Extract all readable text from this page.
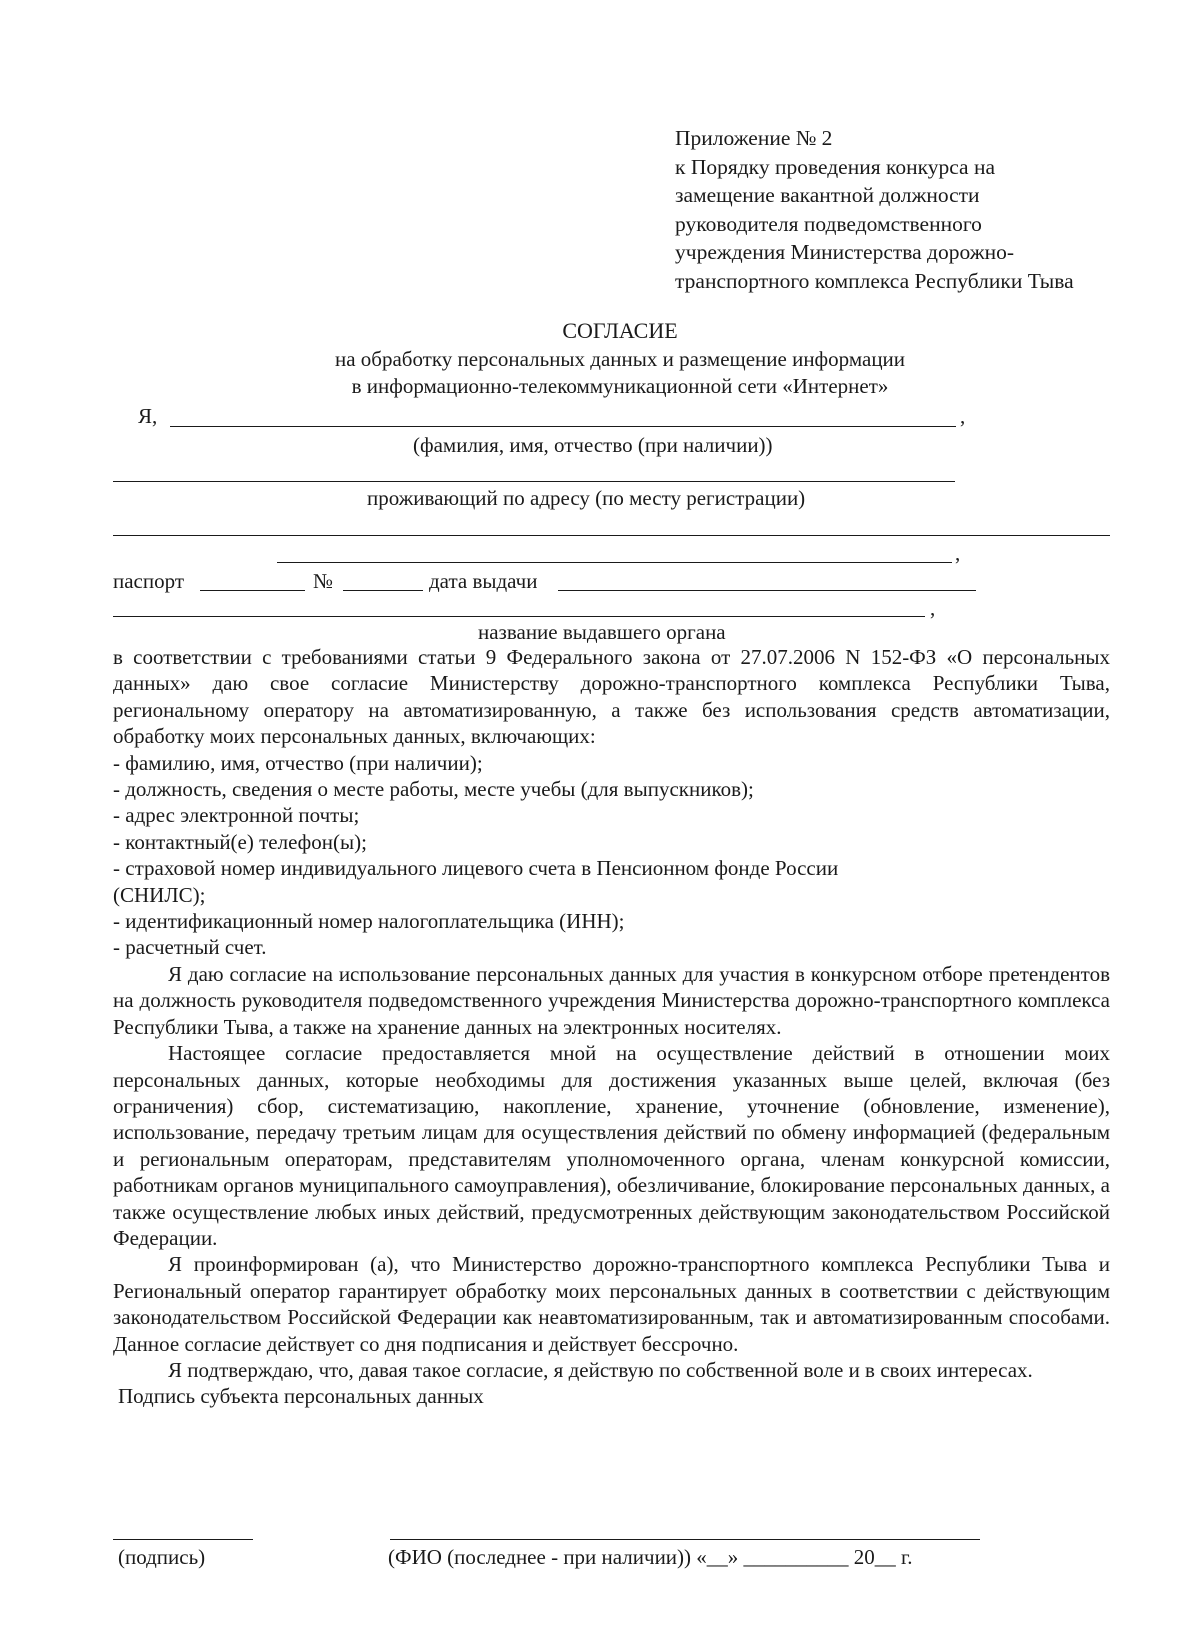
Приложение № 2
к Порядку проведения конкурса на
замещение вакантной должности
руководителя подведомственного
учреждения Министерства дорожно-
транспортного комплекса Республики Тыва
СОГЛАСИЕ
на обработку персональных данных и размещение информации
в информационно-телекоммуникационной сети «Интернет»
Я,	,
(фамилия, имя, отчество (при наличии))
проживающий по адресу (по месту регистрации)
,
паспорт	№	дата выдачи
,
название выдавшего органа

в соответствии с требованиями статьи 9 Федерального закона от 27.07.2006 N 152-ФЗ «О персональных данных» даю свое согласие Министерству дорожно-транспортного комплекса Республики Тыва, региональному оператору на автоматизированную, а также без использования средств автоматизации, обработку моих персональных данных, включающих:

- фамилию, имя, отчество (при наличии);

- должность, сведения о месте работы, месте учебы (для выпускников);

- адрес электронной почты;

- контактный(е) телефон(ы);

- страховой номер индивидуального лицевого счета в Пенсионном фонде России

(СНИЛС);

- идентификационный номер налогоплательщика (ИНН);

- расчетный счет.

Я даю согласие на использование персональных данных для участия в конкурсном отборе претендентов на должность руководителя подведомственного учреждения Министерства дорожно-транспортного комплекса Республики Тыва, а также на хранение данных на электронных носителях.

Настоящее согласие предоставляется мной на осуществление действий в отношении моих персональных данных, которые необходимы для достижения указанных выше целей, включая (без ограничения) сбор, систематизацию, накопление, хранение, уточнение (обновление, изменение), использование, передачу третьим лицам для осуществления действий по обмену информацией (федеральным и региональным операторам, представителям уполномоченного органа, членам конкурсной комиссии, работникам органов муниципального самоуправления), обезличивание, блокирование персональных данных, а также осуществление любых иных действий, предусмотренных действующим законодательством Российской Федерации.

Я проинформирован (а), что Министерство дорожно-транспортного комплекса Республики Тыва и Региональный оператор гарантирует обработку моих персональных данных в соответствии с действующим законодательством Российской Федерации как неавтоматизированным, так и автоматизированным способами. Данное согласие действует со дня подписания и действует бессрочно.

Я подтверждаю, что, давая такое согласие, я действую по собственной воле и в своих интересах.

Подпись субъекта персональных данных

(подпись)	(ФИО (последнее - при наличии)) «__» __________ 20__ г.
